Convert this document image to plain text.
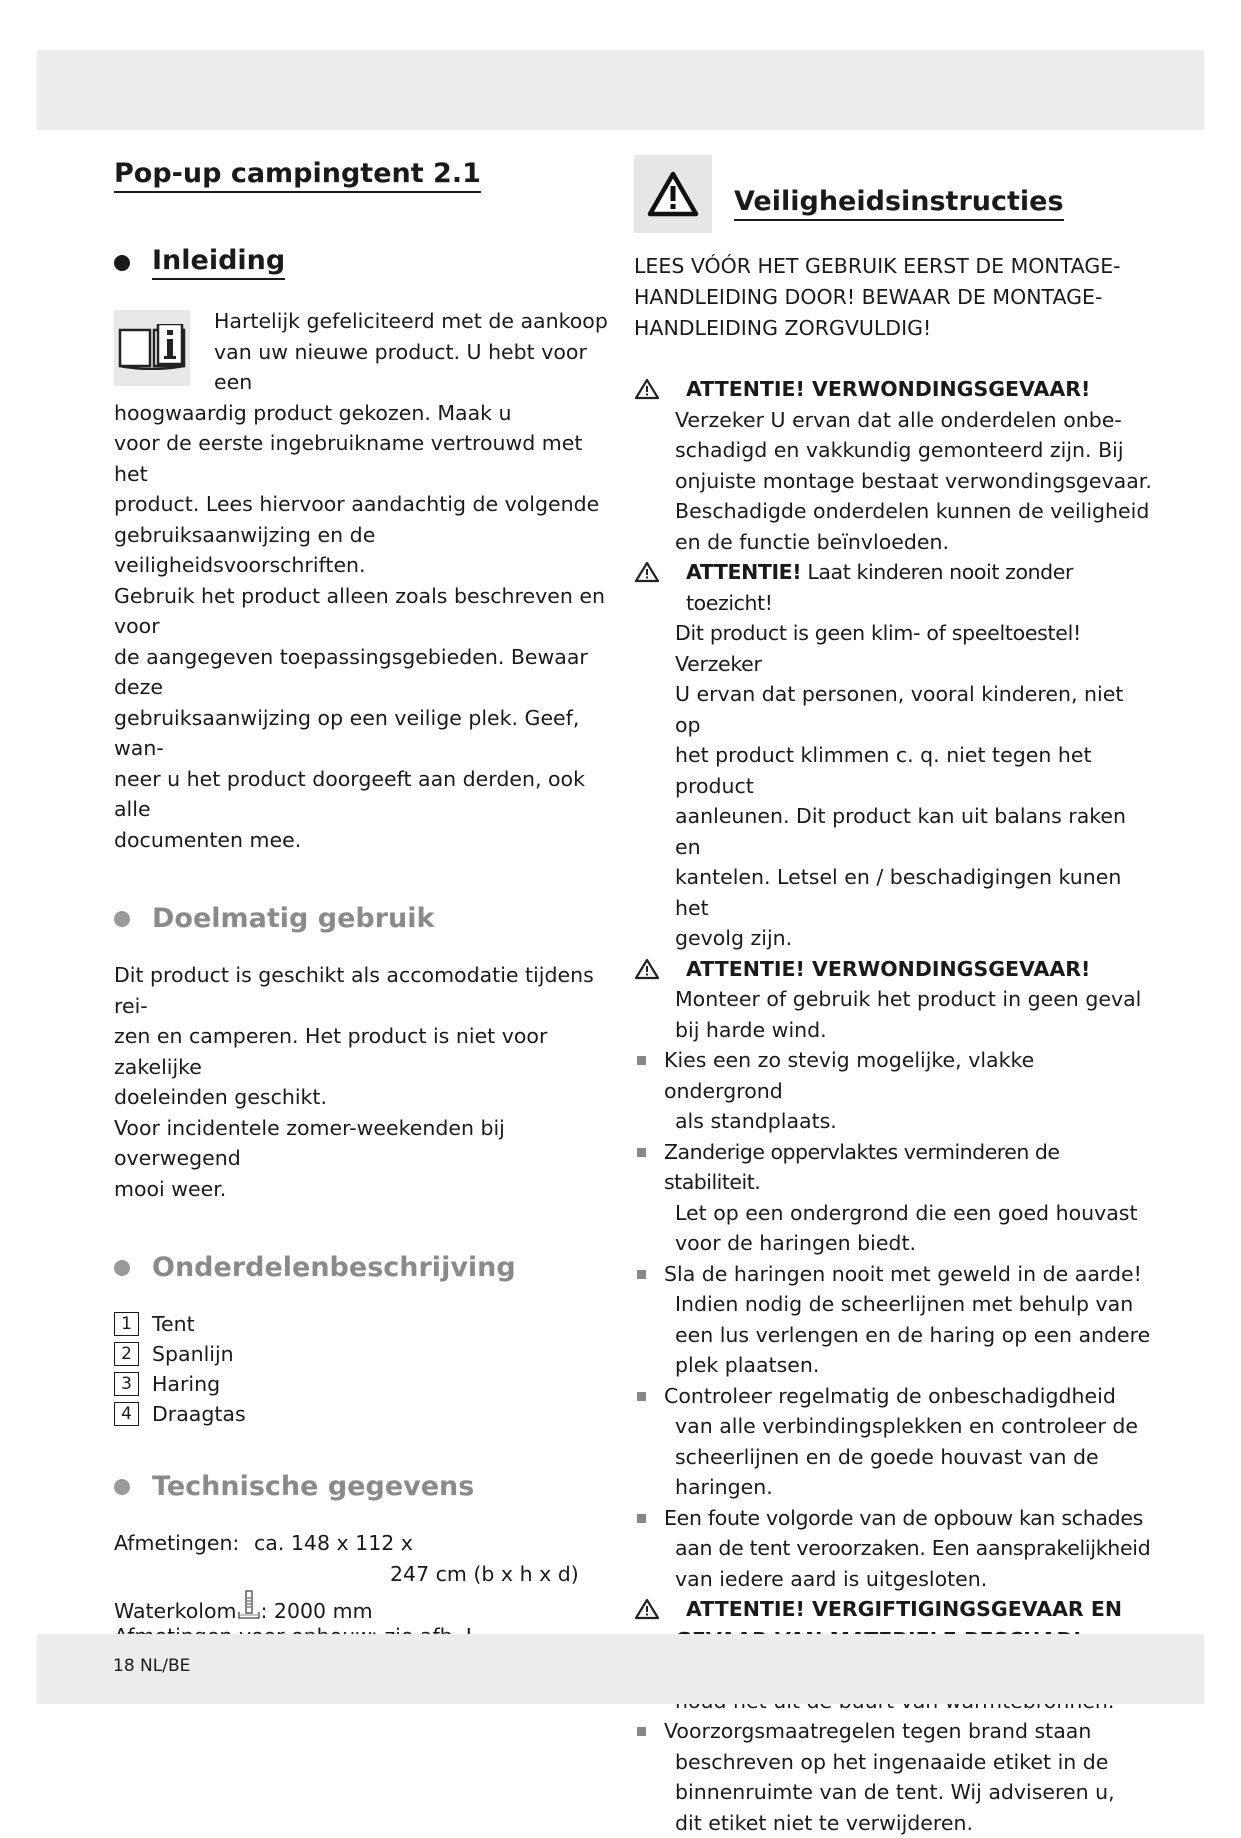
Pop-up campingtent 2.1
Inleiding

Hartelijk gefeliciteerd met de aankoop

van uw nieuwe product. U hebt voor een

hoogwaardig product gekozen. Maak u

voor de eerste ingebruikname vertrouwd met het

product. Lees hiervoor aandachtig de volgende

gebruiksaanwijzing en de veiligheidsvoorschriften.

Gebruik het product alleen zoals beschreven en voor

de aangegeven toepassingsgebieden. Bewaar deze

gebruiksaanwijzing op een veilige plek. Geef, wan-

neer u het product doorgeeft aan derden, ook alle

documenten mee.

Doelmatig gebruik

Dit product is geschikt als accomodatie tijdens rei-

zen en camperen. Het product is niet voor zakelijke

doeleinden geschikt.

Voor incidentele zomer-weekenden bij overwegend

mooi weer.

Onderdelenbeschrijving
1 Tent
2 Spanlijn
3 Haring
4 Draagtas
Technische gegevens
Afmetingen: ca. 148 x 112 x
247 cm (b x h x d)
Waterkolom : 2000 mm
Veiligheidsinstructies
LEES VÓÓR HET GEBRUIK EERST DE MONTAGE-
HANDLEIDING DOOR! BEWAAR DE MONTAGE-
HANDLEIDING ZORGVULDIG!
ATTENTIE! VERWONDINGSGEVAAR!
Verzeker U ervan dat alle onderdelen onbe-
schadigd en vakkundig gemonteerd zijn. Bij
onjuiste montage bestaat verwondingsgevaar.
Beschadigde onderdelen kunnen de veiligheid
en de functie beïnvloeden.
ATTENTIE! Laat kinderen nooit zonder toezicht!
Dit product is geen klim- of speeltoestel! Verzeker
U ervan dat personen, vooral kinderen, niet op
het product klimmen c. q. niet tegen het product
aanleunen. Dit product kan uit balans raken en
kantelen. Letsel en / beschadigingen kunen het
gevolg zijn.
ATTENTIE! VERWONDINGSGEVAAR!
Monteer of gebruik het product in geen geval
bij harde wind.
Kies een zo stevig mogelijke, vlakke ondergrond
als standplaats.
Zanderige oppervlaktes verminderen de stabiliteit.
Let op een ondergrond die een goed houvast
voor de haringen biedt.
Sla de haringen nooit met geweld in de aarde!
Indien nodig de scheerlijnen met behulp van
een lus verlengen en de haring op een andere
plek plaatsen.
Controleer regelmatig de onbeschadigdheid
van alle verbindingsplekken en controleer de
scheerlijnen en de goede houvast van de
haringen.
Een foute volgorde van de opbouw kan schades
aan de tent veroorzaken. Een aansprakelijkheid
van iedere aard is uitgesloten.
ATTENTIE! VERGIFTIGINGSGEVAAR EN
Voorzorgsmaatregelen tegen brand staan
beschreven op het ingenaaide etiket in de
binnenruimte van de tent. Wij adviseren u,
dit etiket niet te verwijderen.
18 NL/BE
